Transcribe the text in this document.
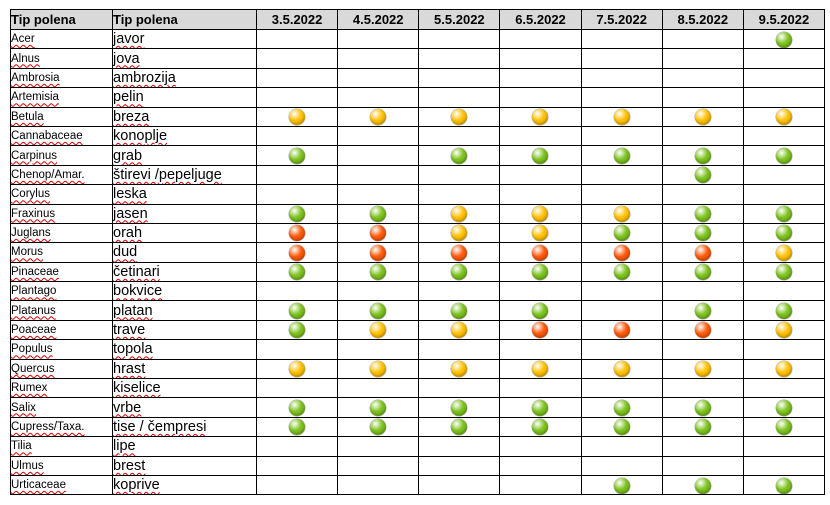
Tip polena	Tip polena	3.5.2022	4.5.2022	5.5.2022	6.5.2022	7.5.2022	8.5.2022	9.5.2022
Acer	javor							
Alnus	jova							
Ambrosia	ambrozija							
Artemisia	pelin							
Betula	breza							
Cannabaceae	konoplje							
Carpinus	grab							
Chenop/Amar.	štirevi /pepeljuge							
Corylus	leska							
Fraxinus	jasen							
Juglans	orah							
Morus	dud							
Pinaceae	četinari							
Plantago	bokvice							
Platanus	platan							
Poaceae	trave							
Populus	topola							
Quercus	hrast							
Rumex	kiselice							
Salix	vrbe							
Cupress/Taxa.	tise / čempresi							
Tilia	lipe							
Ulmus	brest							
Urticaceae	koprive							
